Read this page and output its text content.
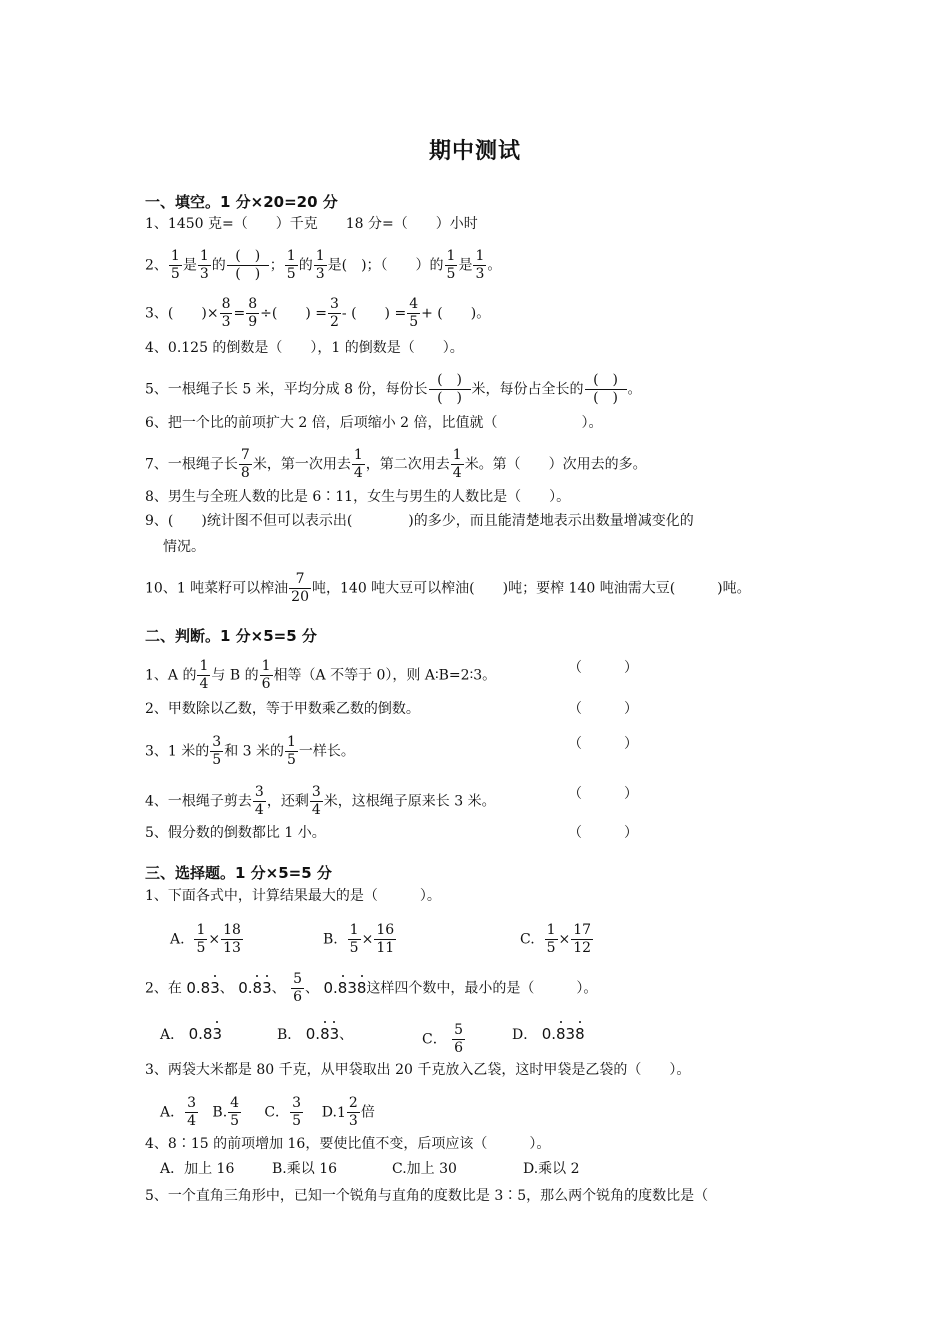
期中测试
一、填空。1 分×20=20 分
1、1450 克=（　　）千克　　18 分=（　　）小时
2、 $\frac{1}{5}$ 是 $\frac{1}{3}$ 的 $\frac{( )}{( )}$ ； $\frac{1}{5}$ 的 $\frac{1}{3}$ 是(　)；（　　）的 $\frac{1}{5}$ 是 $\frac{1}{3}$ 。
3、(　　)× $\frac{8}{3} = \frac{8}{9}$ ÷(　　) = $\frac{3}{2}$ - (　　) = $\frac{4}{5}$ + (　　)。
4、0.125 的倒数是（　　），1 的倒数是（　　）。
5、一根绳子长 5 米，平均分成 8 份，每份长 $\frac{( )}{( )}$ 米，每份占全长的 $\frac{( )}{( )}$ 。
6、把一个比的前项扩大 2 倍，后项缩小 2 倍，比值就（　　　　　　）。
7、一根绳子长 $\frac{7}{8}$ 米，第一次用去 $\frac{1}{4}$ ，第二次用去 $\frac{1}{4}$ 米。第（　　）次用去的多。
8、男生与全班人数的比是 6∶11，女生与男生的人数比是（　　）。
9、(　　)统计图不但可以表示出(　　　　)的多少，而且能清楚地表示出数量增减变化的
情况。
10、1 吨菜籽可以榨油 $\frac{7}{20}$ 吨，140 吨大豆可以榨油(　　)吨；要榨 140 吨油需大豆(　　　)吨。
二、判断。1 分×5=5 分
1、A 的 $\frac{1}{4}$ 与 B 的 $\frac{1}{6}$ 相等（A 不等于 0），则 A∶B=2∶3。	（　　　）
2、甲数除以乙数，等于甲数乘乙数的倒数。	（　　　）
3、1 米的 $\frac{3}{5}$ 和 3 米的 $\frac{1}{5}$ 一样长。	（　　　）
4、一根绳子剪去 $\frac{3}{4}$ ，还剩 $\frac{3}{4}$ 米，这根绳子原来长 3 米。	（　　　）
5、假分数的倒数都比 1 小。	（　　　）
三、选择题。1 分×5=5 分
1、下面各式中，计算结果最大的是（　　　）。
A. $\frac{1}{5} \times \frac{18}{13}$	B. $\frac{1}{5} \times \frac{16}{11}$	C. $\frac{1}{5} \times \frac{17}{12}$
2、在 0.83、 0.83、 $\frac{5}{6}$ 、 0.838这样四个数中，最小的是（　　　）。
A． 0.83	B． 0.83、	C． $\frac{5}{6}$	D． 0.838
3、两袋大米都是 80 千克，从甲袋取出 20 千克放入乙袋，这时甲袋是乙袋的（　　）。
A． $\frac{3}{4} B$. $\frac{4}{5}$ C． $\frac{3}{5} D$. $1 \frac{2}{3}$ 倍
4、8∶15 的前项增加 16，要使比值不变，后项应该（　　　）。
A．加上 16	B.乘以 16	C.加上 30	D.乘以 2
5、一个直角三角形中，已知一个锐角与直角的度数比是 3∶5，那么两个锐角的度数比是（
